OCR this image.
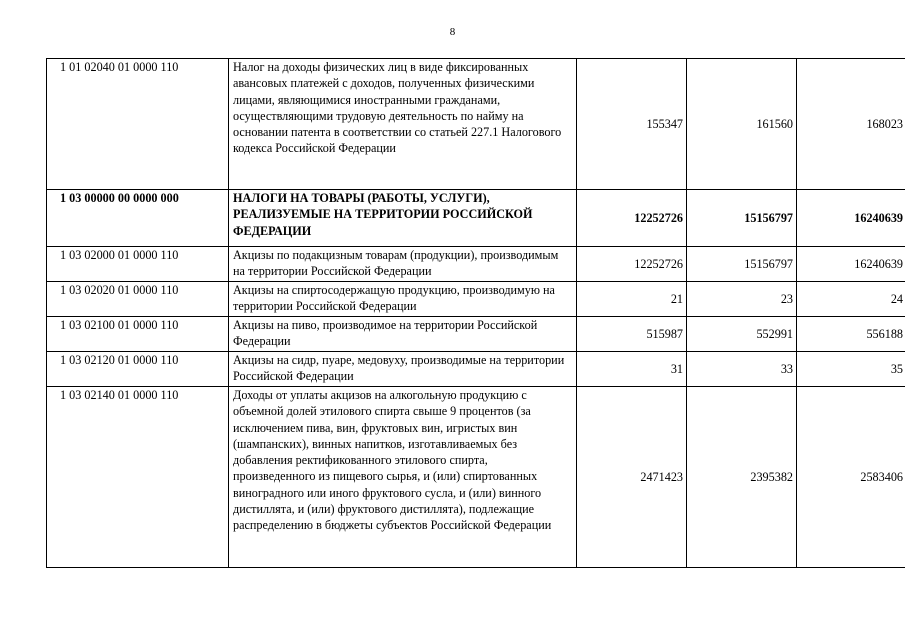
8
1 01 02040 01 0000 110	Налог на доходы физических лиц в виде фиксированных авансовых платежей с доходов, полученных физическими лицами, являющимися иностранными гражданами, осуществляющими трудовую деятельность по найму на основании патента в соответствии со статьей 227.1 Налогового кодекса Российской Федерации	155347	161560	168023
1 03 00000 00 0000 000	НАЛОГИ НА ТОВАРЫ (РАБОТЫ, УСЛУГИ), РЕАЛИЗУЕМЫЕ НА ТЕРРИТОРИИ РОССИЙСКОЙ ФЕДЕРАЦИИ	12252726	15156797	16240639
1 03 02000 01 0000 110	Акцизы по подакцизным товарам (продукции), производимым на территории Российской Федерации	12252726	15156797	16240639
1 03 02020 01 0000 110	Акцизы на спиртосодержащую продукцию, производимую на территории Российской Федерации	21	23	24
1 03 02100 01 0000 110	Акцизы на пиво, производимое на территории Российской Федерации	515987	552991	556188
1 03 02120 01 0000 110	Акцизы на сидр, пуаре, медовуху, производимые на территории Российской Федерации	31	33	35
1 03 02140 01 0000 110	Доходы от уплаты акцизов на алкогольную продукцию с объемной долей этилового спирта свыше 9 процентов (за исключением пива, вин, фруктовых вин, игристых вин (шампанских), винных напитков, изготавливаемых без добавления ректификованного этилового спирта, произведенного из пищевого сырья, и (или) спиртованных виноградного или иного фруктового сусла, и (или) винного дистиллята, и (или) фруктового дистиллята), подлежащие распределению в бюджеты субъектов Российской Федерации	2471423	2395382	2583406
